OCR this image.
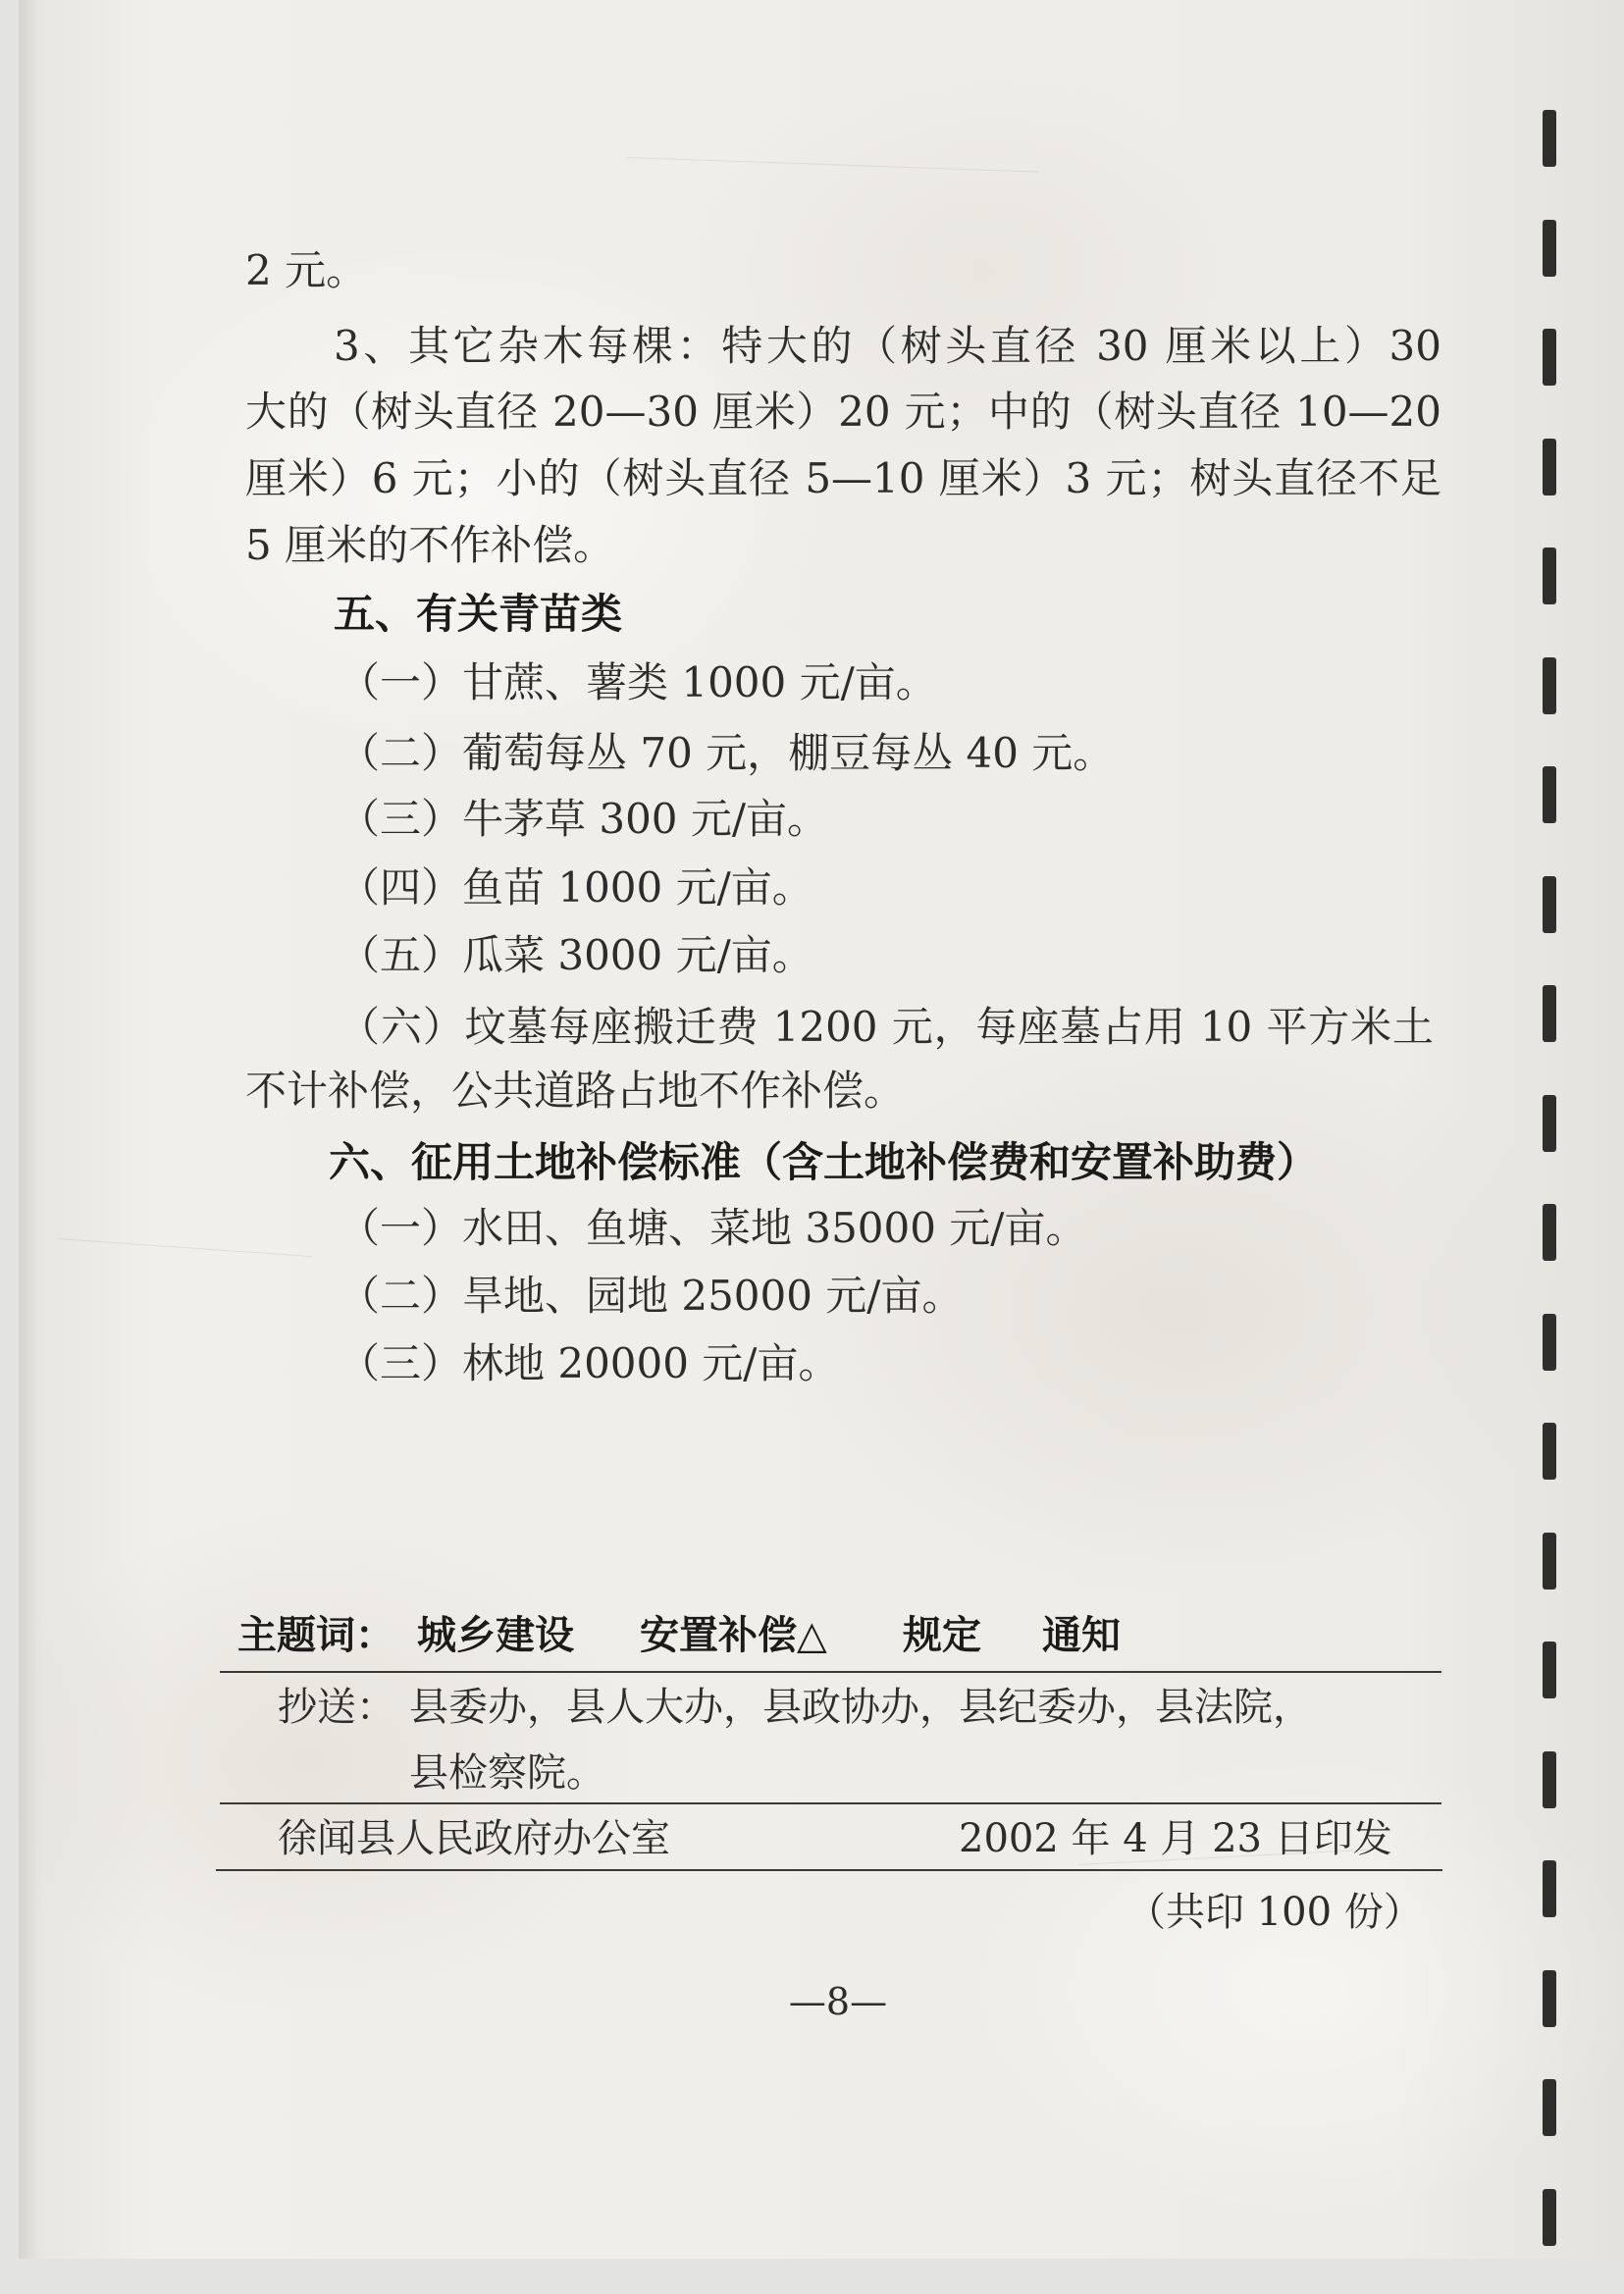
2 元。
3、其它杂木每棵：特大的（树头直径 30 厘米以上）30
大的（树头直径 20—30 厘米）20 元；中的（树头直径 10—20
厘米）6 元；小的（树头直径 5—10 厘米）3 元；树头直径不足
5 厘米的不作补偿。
五、有关青苗类
（一）甘蔗、薯类 1000 元/亩。
（二）葡萄每丛 70 元，棚豆每丛 40 元。
（三）牛茅草 300 元/亩。
（四）鱼苗 1000 元/亩。
（五）瓜菜 3000 元/亩。
（六）坟墓每座搬迁费 1200 元，每座墓占用 10 平方米土
不计补偿，公共道路占地不作补偿。
六、征用土地补偿标准（含土地补偿费和安置补助费）
（一）水田、鱼塘、菜地 35000 元/亩。
（二）旱地、园地 25000 元/亩。
（三）林地 20000 元/亩。
主题词： 城乡建设 安置补偿△ 规定 通知
抄送： 县委办，县人大办，县政协办，县纪委办，县法院，
县检察院。
徐闻县人民政府办公室	2002 年 4 月 23 日印发
（共印 100 份）
—8—
